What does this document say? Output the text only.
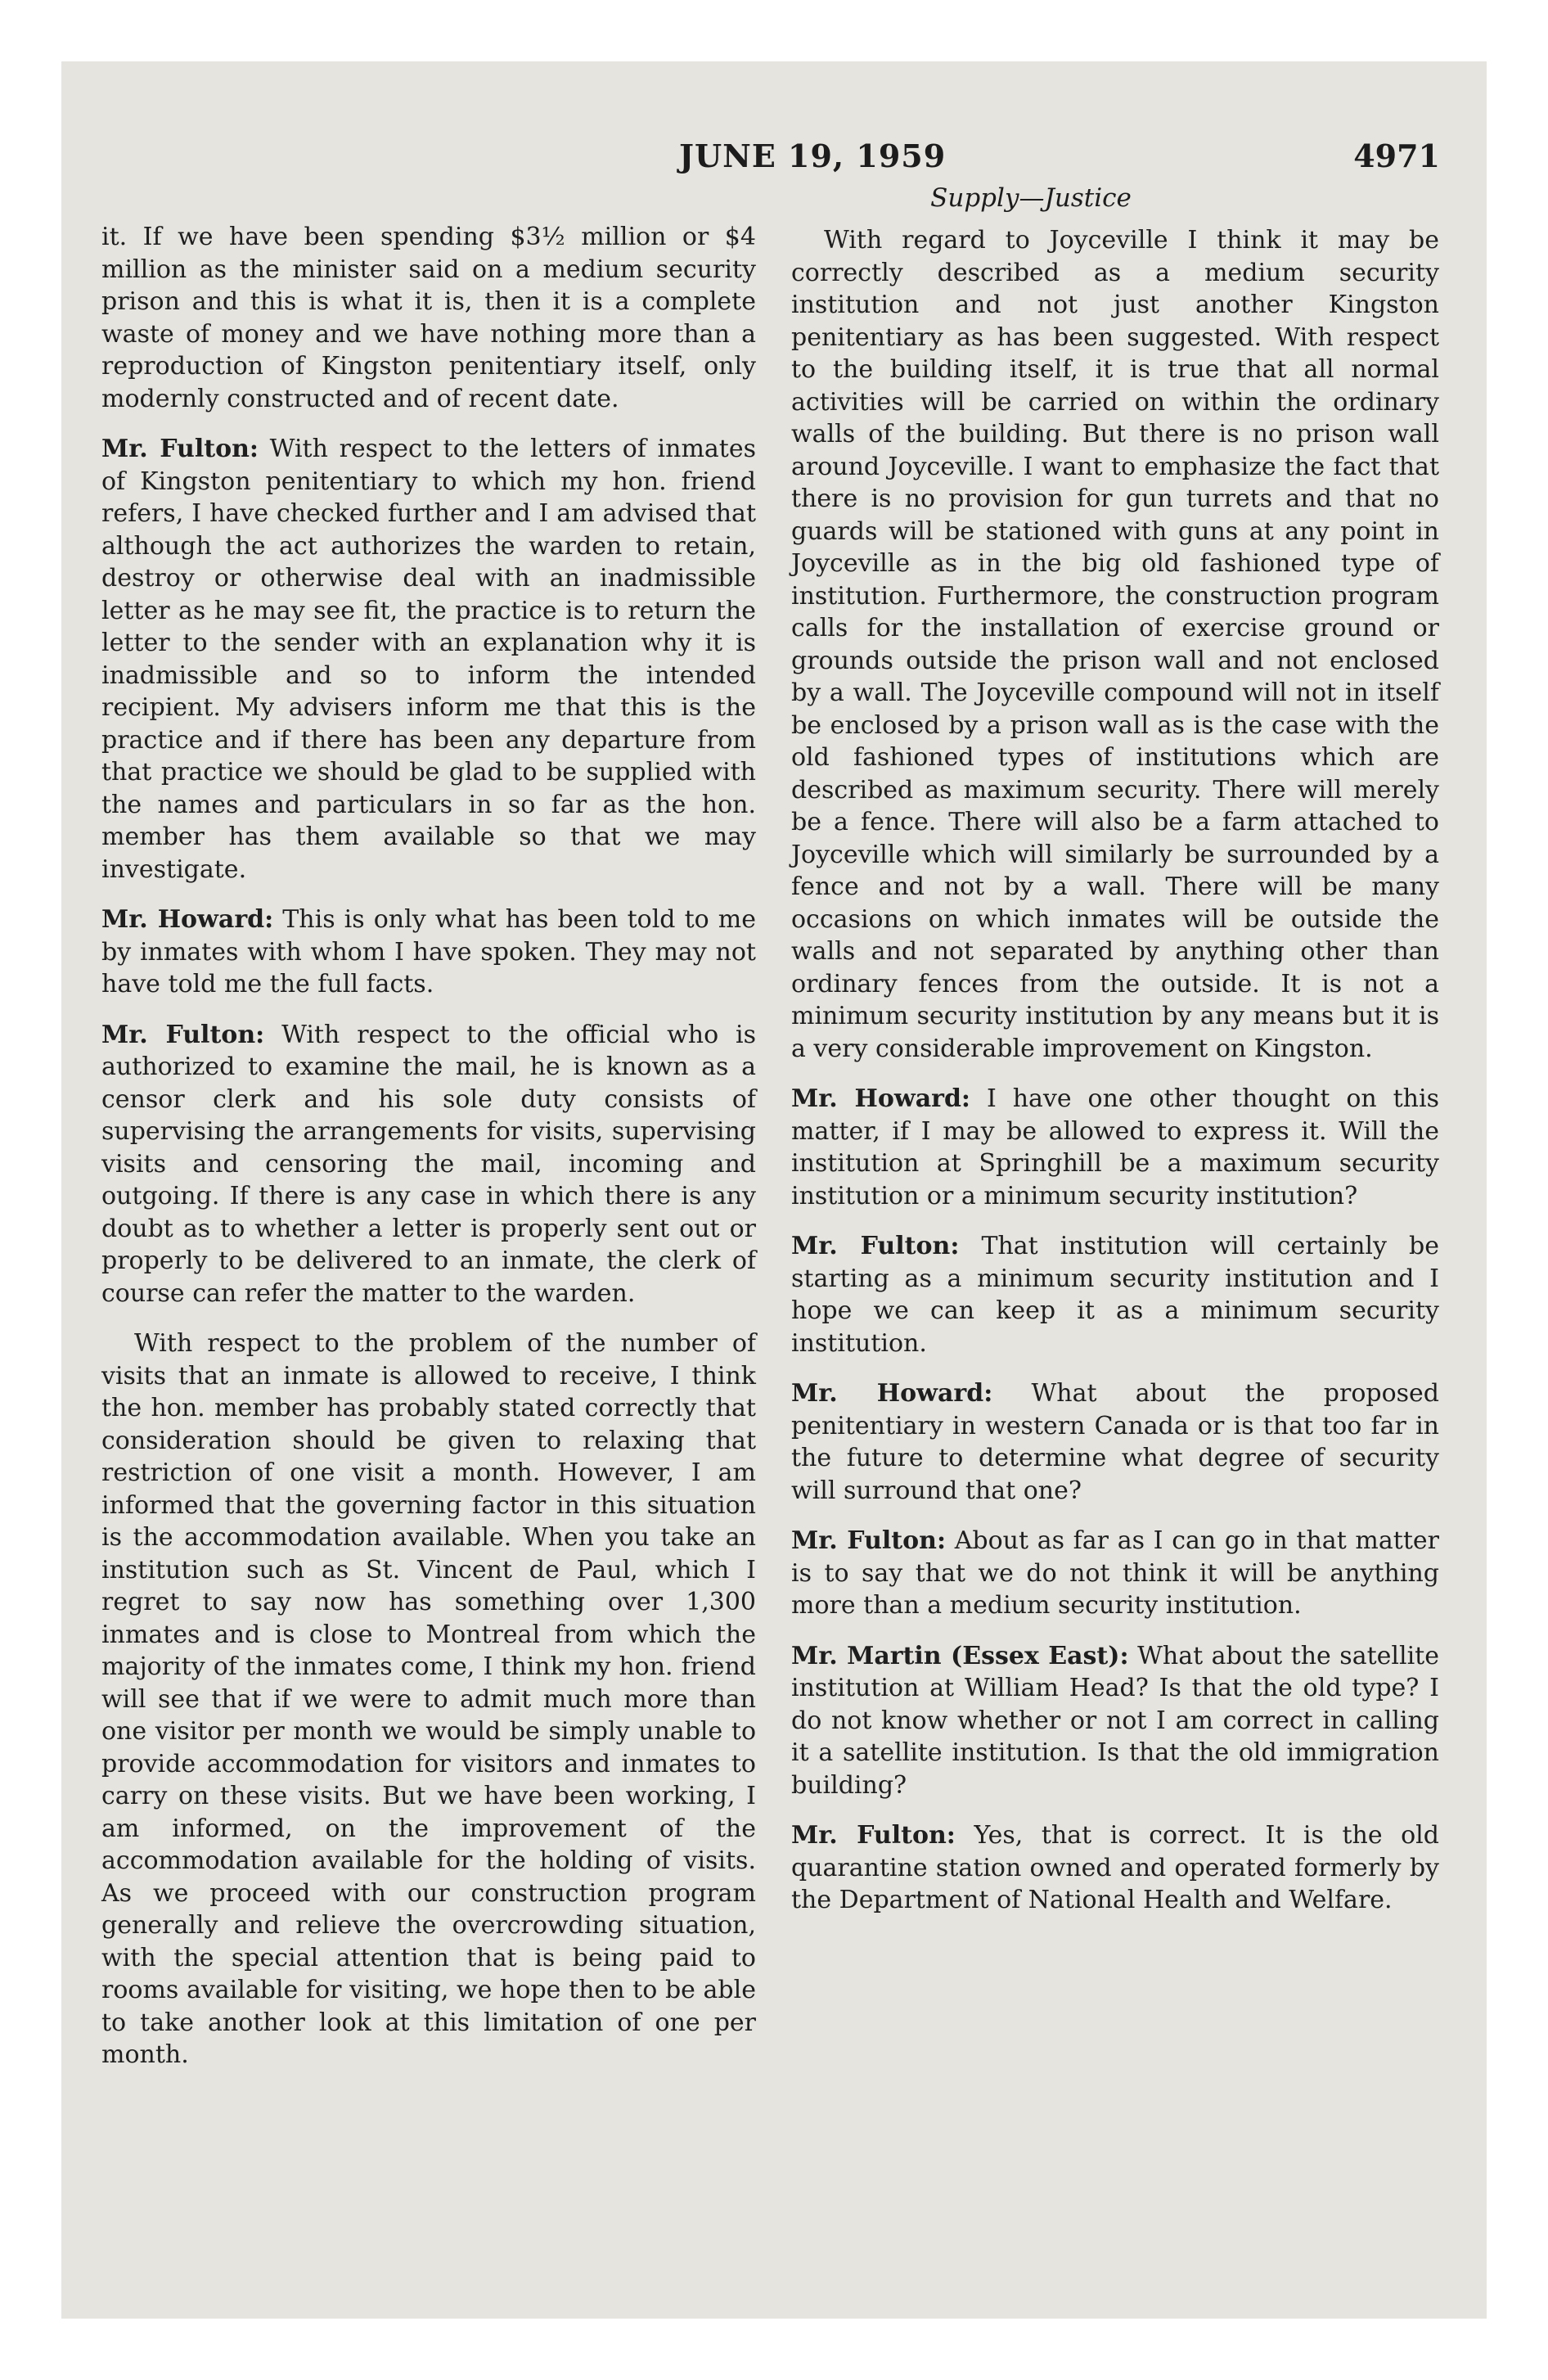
JUNE 19, 1959	4971
Supply—Justice

it. If we have been spending $3½ million or $4 million as the minister said on a medium security prison and this is what it is, then it is a complete waste of money and we have nothing more than a reproduction of Kingston penitentiary itself, only modernly constructed and of recent date.

Mr. Fulton: With respect to the letters of inmates of Kingston penitentiary to which my hon. friend refers, I have checked further and I am advised that although the act authorizes the warden to retain, destroy or otherwise deal with an inadmissible letter as he may see fit, the practice is to return the letter to the sender with an explanation why it is inadmissible and so to inform the intended recipient. My advisers inform me that this is the practice and if there has been any departure from that practice we should be glad to be supplied with the names and particulars in so far as the hon. member has them available so that we may investigate.

Mr. Howard: This is only what has been told to me by inmates with whom I have spoken. They may not have told me the full facts.

Mr. Fulton: With respect to the official who is authorized to examine the mail, he is known as a censor clerk and his sole duty consists of supervising the arrangements for visits, supervising visits and censoring the mail, incoming and outgoing. If there is any case in which there is any doubt as to whether a letter is properly sent out or properly to be delivered to an inmate, the clerk of course can refer the matter to the warden.

With respect to the problem of the number of visits that an inmate is allowed to receive, I think the hon. member has probably stated correctly that consideration should be given to relaxing that restriction of one visit a month. However, I am informed that the governing factor in this situation is the accommodation available. When you take an institution such as St. Vincent de Paul, which I regret to say now has something over 1,300 inmates and is close to Montreal from which the majority of the inmates come, I think my hon. friend will see that if we were to admit much more than one visitor per month we would be simply unable to provide accommodation for visitors and inmates to carry on these visits. But we have been working, I am informed, on the improvement of the accommodation available for the holding of visits. As we proceed with our construction program generally and relieve the overcrowding situation, with the special attention that is being paid to rooms available for visiting, we hope then to be able to take another look at this limitation of one per month.

With regard to Joyceville I think it may be correctly described as a medium security institution and not just another Kingston penitentiary as has been suggested. With respect to the building itself, it is true that all normal activities will be carried on within the ordinary walls of the building. But there is no prison wall around Joyceville. I want to emphasize the fact that there is no provision for gun turrets and that no guards will be stationed with guns at any point in Joyceville as in the big old fashioned type of institution. Furthermore, the construction program calls for the installation of exercise ground or grounds outside the prison wall and not enclosed by a wall. The Joyceville compound will not in itself be enclosed by a prison wall as is the case with the old fashioned types of institutions which are described as maximum security. There will merely be a fence. There will also be a farm attached to Joyceville which will similarly be surrounded by a fence and not by a wall. There will be many occasions on which inmates will be outside the walls and not separated by anything other than ordinary fences from the outside. It is not a minimum security institution by any means but it is a very considerable improvement on Kingston.

Mr. Howard: I have one other thought on this matter, if I may be allowed to express it. Will the institution at Springhill be a maximum security institution or a minimum security institution?

Mr. Fulton: That institution will certainly be starting as a minimum security institution and I hope we can keep it as a minimum security institution.

Mr. Howard: What about the proposed penitentiary in western Canada or is that too far in the future to determine what degree of security will surround that one?

Mr. Fulton: About as far as I can go in that matter is to say that we do not think it will be anything more than a medium security institution.

Mr. Martin (Essex East): What about the satellite institution at William Head? Is that the old type? I do not know whether or not I am correct in calling it a satellite institution. Is that the old immigration building?

Mr. Fulton: Yes, that is correct. It is the old quarantine station owned and operated formerly by the Department of National Health and Welfare.
